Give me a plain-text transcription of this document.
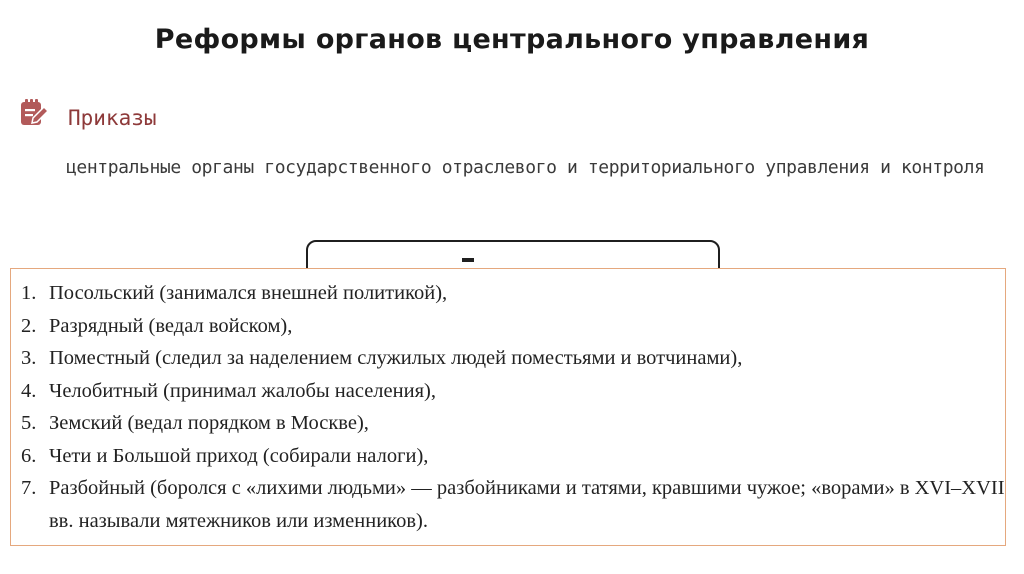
Реформы органов центрального управления
Приказы
центральные органы государственного отраслевого и территориального управления и контроля
1. Посольский (занимался внешней политикой),
2. Разрядный (ведал войском),
3. Поместный (следил за наделением служилых людей поместьями и вотчинами),
4. Челобитный (принимал жалобы населения),
5. Земский (ведал порядком в Москве),
6. Чети и Большой приход (собирали налоги),
7. Разбойный (боролся с «лихими людьми» — разбойниками и татями, кравшими чужое; «ворами» в XVI–XVII вв. называли мятежников или изменников).
